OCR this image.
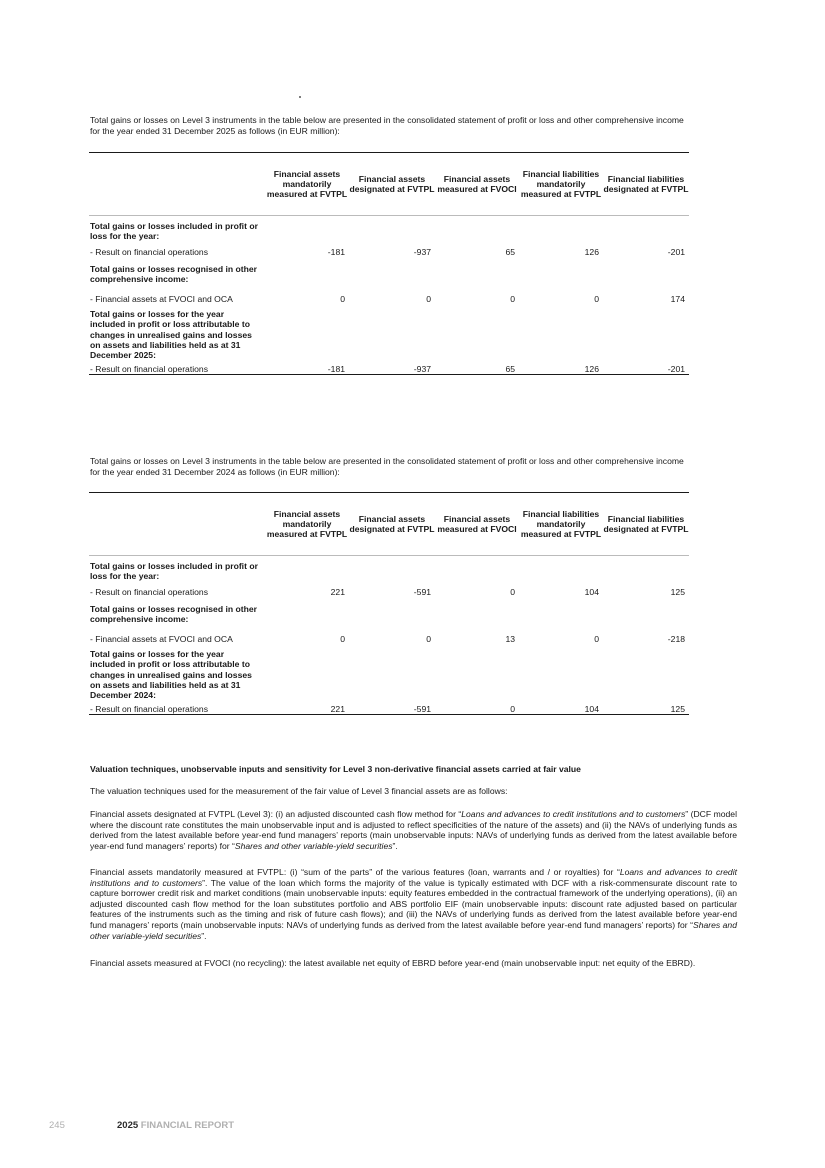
Total gains or losses on Level 3 instruments in the table below are presented in the consolidated statement of profit or loss and other comprehensive income for the year ended 31 December 2025 as follows (in EUR million):
	Financial assets mandatorily measured at FVTPL	Financial assets designated at FVTPL	Financial assets measured at FVOCI	Financial liabilities mandatorily measured at FVTPL	Financial liabilities designated at FVTPL
Total gains or losses included in profit or loss for the year:					
- Result on financial operations	-181	-937	65	126	-201
Total gains or losses recognised in other comprehensive income:					
- Financial assets at FVOCI and OCA	0	0	0	0	174
Total gains or losses for the year included in profit or loss attributable to changes in unrealised gains and losses on assets and liabilities held as at 31 December 2025:					
- Result on financial operations	-181	-937	65	126	-201
Total gains or losses on Level 3 instruments in the table below are presented in the consolidated statement of profit or loss and other comprehensive income for the year ended 31 December 2024 as follows (in EUR million):
	Financial assets mandatorily measured at FVTPL	Financial assets designated at FVTPL	Financial assets measured at FVOCI	Financial liabilities mandatorily measured at FVTPL	Financial liabilities designated at FVTPL
Total gains or losses included in profit or loss for the year:					
- Result on financial operations	221	-591	0	104	125
Total gains or losses recognised in other comprehensive income:					
- Financial assets at FVOCI and OCA	0	0	13	0	-218
Total gains or losses for the year included in profit or loss attributable to changes in unrealised gains and losses on assets and liabilities held as at 31 December 2024:					
- Result on financial operations	221	-591	0	104	125
Valuation techniques, unobservable inputs and sensitivity for Level 3 non-derivative financial assets carried at fair value
The valuation techniques used for the measurement of the fair value of Level 3 financial assets are as follows:
Financial assets designated at FVTPL (Level 3): (i) an adjusted discounted cash flow method for “Loans and advances to credit institutions and to customers” (DCF model where the discount rate constitutes the main unobservable input and is adjusted to reflect specificities of the nature of the assets) and (ii) the NAVs of underlying funds as derived from the latest available before year-end fund managers’ reports (main unobservable inputs: NAVs of underlying funds as derived from the latest available before year-end fund managers’ reports) for “Shares and other variable-yield securities”.
Financial assets mandatorily measured at FVTPL: (i) “sum of the parts” of the various features (loan, warrants and / or royalties) for “Loans and advances to credit institutions and to customers”. The value of the loan which forms the majority of the value is typically estimated with DCF with a risk-commensurate discount rate to capture borrower credit risk and market conditions (main unobservable inputs: equity features embedded in the contractual framework of the underlying operations), (ii) an adjusted discounted cash flow method for the loan substitutes portfolio and ABS portfolio EIF (main unobservable inputs: discount rate adjusted based on particular features of the instruments such as the timing and risk of future cash flows); and (iii) the NAVs of underlying funds as derived from the latest available before year-end fund managers’ reports (main unobservable inputs: NAVs of underlying funds as derived from the latest available before year-end fund managers’ reports) for “Shares and other variable-yield securities”.
Financial assets measured at FVOCI (no recycling): the latest available net equity of EBRD before year-end (main unobservable input: net equity of the EBRD).
245	2025 FINANCIAL REPORT
